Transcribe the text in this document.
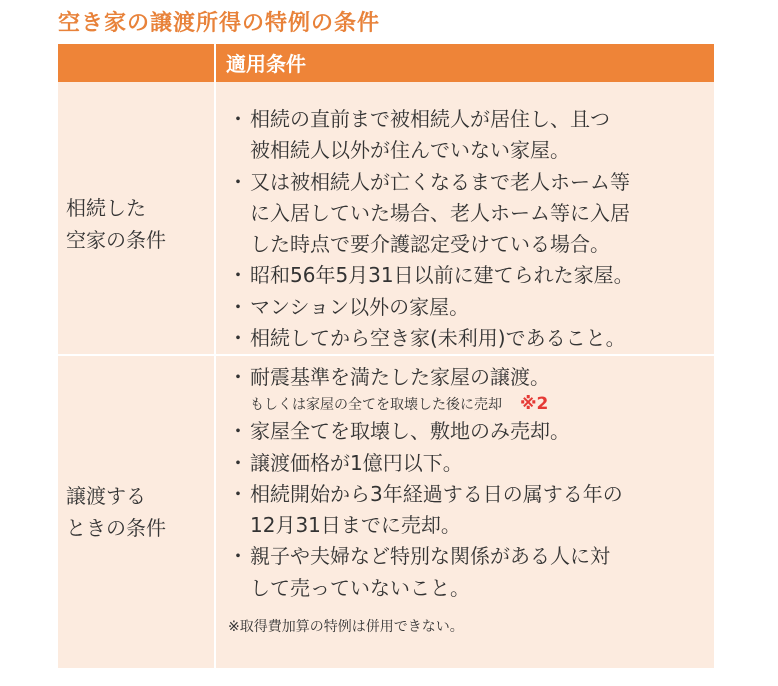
空き家の譲渡所得の特例の条件
適用条件
相続した
空家の条件
・ 相続の直前まで被相続人が居住し、且つ
被相続人以外が住んでいない家屋。
・ 又は被相続人が亡くなるまで老人ホーム等
に入居していた場合、老人ホーム等に入居
した時点で要介護認定受けている場合。
・ 昭和56年5月31日以前に建てられた家屋。
・ マンション以外の家屋。
・ 相続してから空き家(未利用)であること。
譲渡する
ときの条件
・ 耐震基準を満たした家屋の譲渡。
もしくは家屋の全てを取壊した後に売却 ※2
・ 家屋全てを取壊し、敷地のみ売却。
・ 譲渡価格が1億円以下。
・ 相続開始から3年経過する日の属する年の
12月31日までに売却。
・ 親子や夫婦など特別な関係がある人に対
して売っていないこと。
※取得費加算の特例は併用できない。
